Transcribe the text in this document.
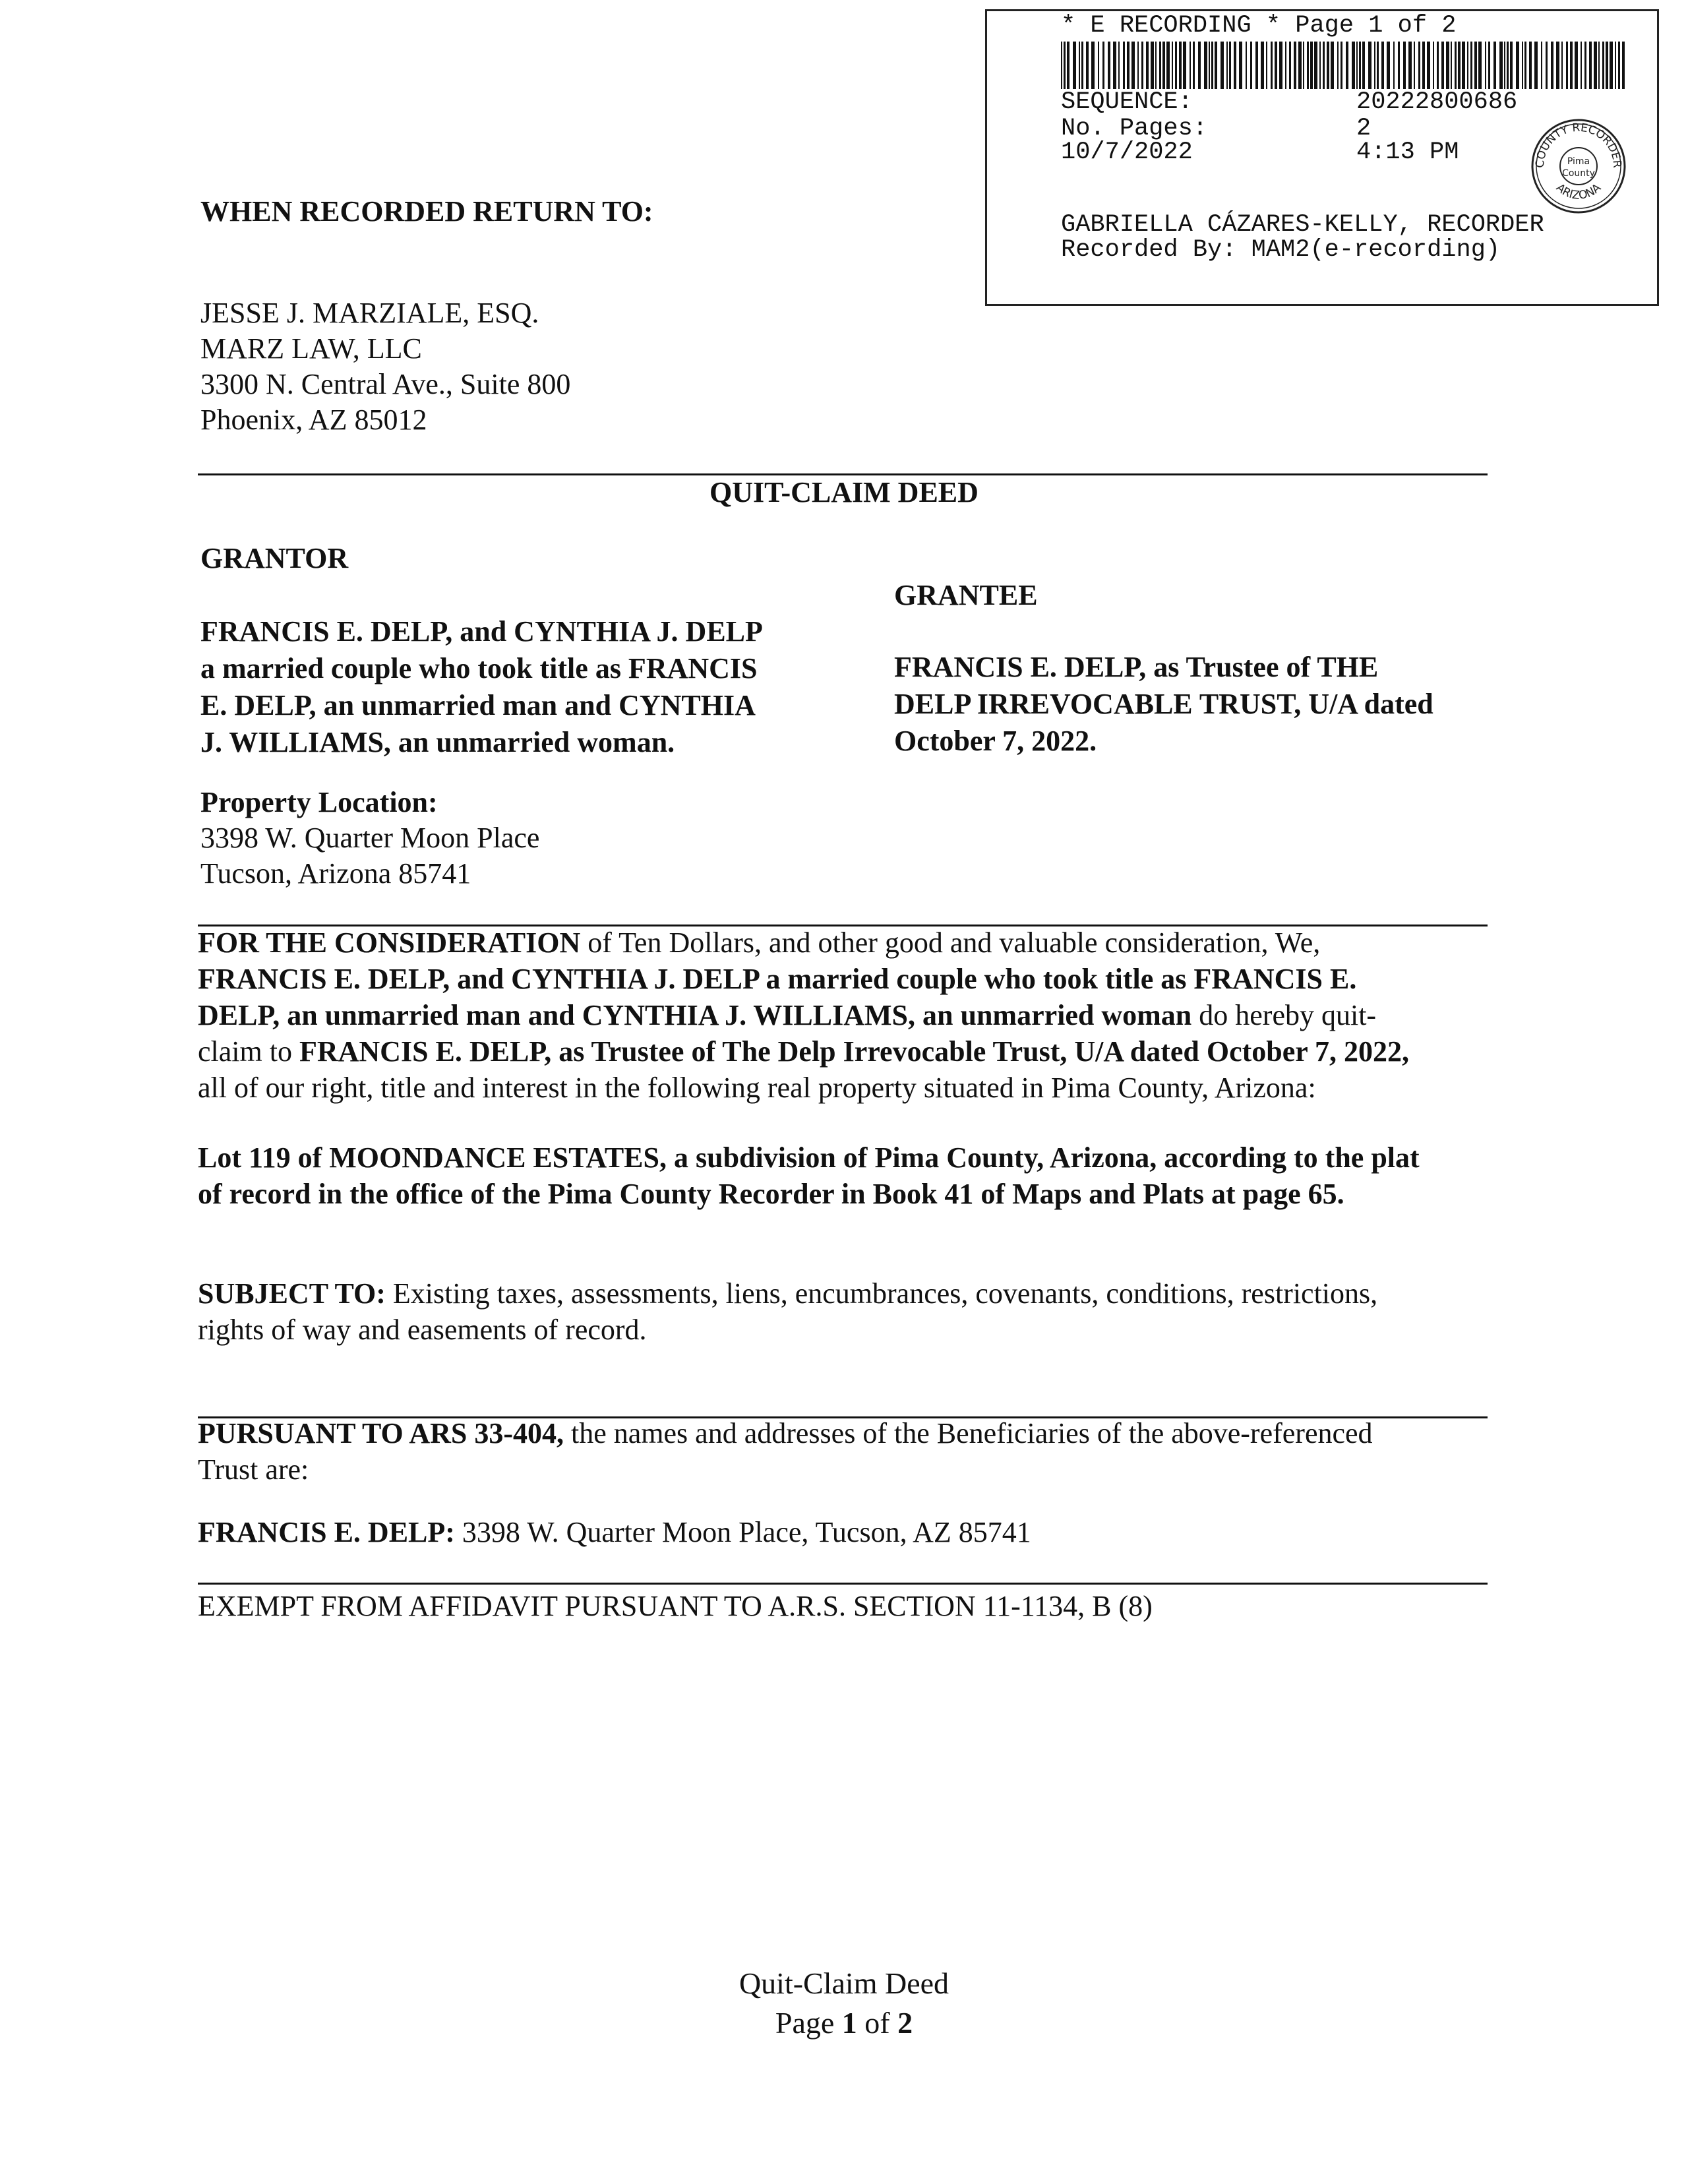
* E RECORDING * Page 1 of 2
SEQUENCE:	20222800686
No. Pages:	2
10/7/2022	4:13 PM	COUNTY RECORDER
ARIZONA
Pima
County
GABRIELLA CÁZARES-KELLY, RECORDER
Recorded By: MAM2(e-recording)
WHEN RECORDED RETURN TO:
JESSE J. MARZIALE, ESQ.
MARZ LAW, LLC
3300 N. Central Ave., Suite 800
Phoenix, AZ 85012
QUIT-CLAIM DEED
GRANTOR
FRANCIS E. DELP, and CYNTHIA J. DELP
a married couple who took title as FRANCIS
E. DELP, an unmarried man and CYNTHIA
J. WILLIAMS, an unmarried woman.
GRANTEE
FRANCIS E. DELP, as Trustee of THE
DELP IRREVOCABLE TRUST, U/A dated
October 7, 2022.
Property Location:
3398 W. Quarter Moon Place
Tucson, Arizona 85741
FOR THE CONSIDERATION of Ten Dollars, and other good and valuable consideration, We,
FRANCIS E. DELP, and CYNTHIA J. DELP a married couple who took title as FRANCIS E.
DELP, an unmarried man and CYNTHIA J. WILLIAMS, an unmarried woman do hereby quit-
claim to FRANCIS E. DELP, as Trustee of The Delp Irrevocable Trust, U/A dated October 7, 2022,
all of our right, title and interest in the following real property situated in Pima County, Arizona:
Lot 119 of MOONDANCE ESTATES, a subdivision of Pima County, Arizona, according to the plat
of record in the office of the Pima County Recorder in Book 41 of Maps and Plats at page 65.
SUBJECT TO: Existing taxes, assessments, liens, encumbrances, covenants, conditions, restrictions,
rights of way and easements of record.
PURSUANT TO ARS 33-404, the names and addresses of the Beneficiaries of the above-referenced
Trust are:
FRANCIS E. DELP: 3398 W. Quarter Moon Place, Tucson, AZ 85741
EXEMPT FROM AFFIDAVIT PURSUANT TO A.R.S. SECTION 11-1134, B (8)
Quit-Claim Deed
Page 1 of 2
